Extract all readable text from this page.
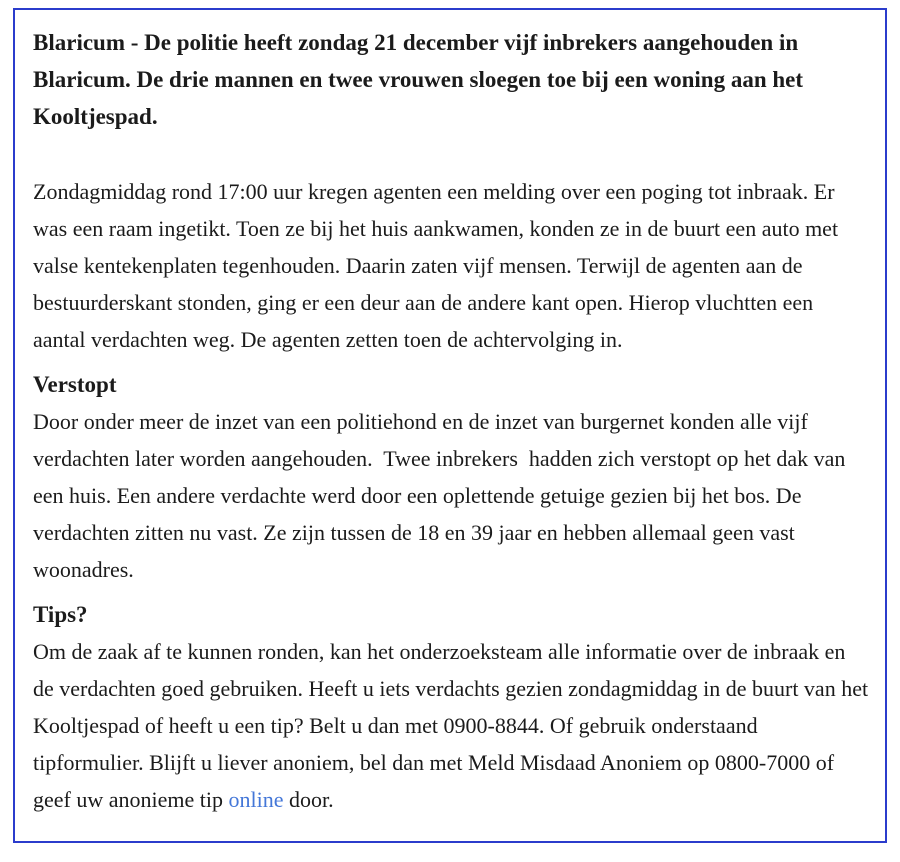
Blaricum - De politie heeft zondag 21 december vijf inbrekers aangehouden in Blaricum. De drie mannen en twee vrouwen sloegen toe bij een woning aan het Kooltjespad.

Zondagmiddag rond 17:00 uur kregen agenten een melding over een poging tot inbraak. Er was een raam ingetikt. Toen ze bij het huis aankwamen, konden ze in de buurt een auto met valse kentekenplaten tegenhouden. Daarin zaten vijf mensen. Terwijl de agenten aan de bestuurderskant stonden, ging er een deur aan de andere kant open. Hierop vluchtten een aantal verdachten weg. De agenten zetten toen de achtervolging in.

Verstopt

Door onder meer de inzet van een politiehond en de inzet van burgernet konden alle vijf verdachten later worden aangehouden.  Twee inbrekers  hadden zich verstopt op het dak van een huis. Een andere verdachte werd door een oplettende getuige gezien bij het bos. De verdachten zitten nu vast. Ze zijn tussen de 18 en 39 jaar en hebben allemaal geen vast woonadres.

Tips?

Om de zaak af te kunnen ronden, kan het onderzoeksteam alle informatie over de inbraak en de verdachten goed gebruiken. Heeft u iets verdachts gezien zondagmiddag in de buurt van het Kooltjespad of heeft u een tip? Belt u dan met 0900-8844. Of gebruik onderstaand tipformulier. Blijft u liever anoniem, bel dan met Meld Misdaad Anoniem op 0800-7000 of geef uw anonieme tip online door.
